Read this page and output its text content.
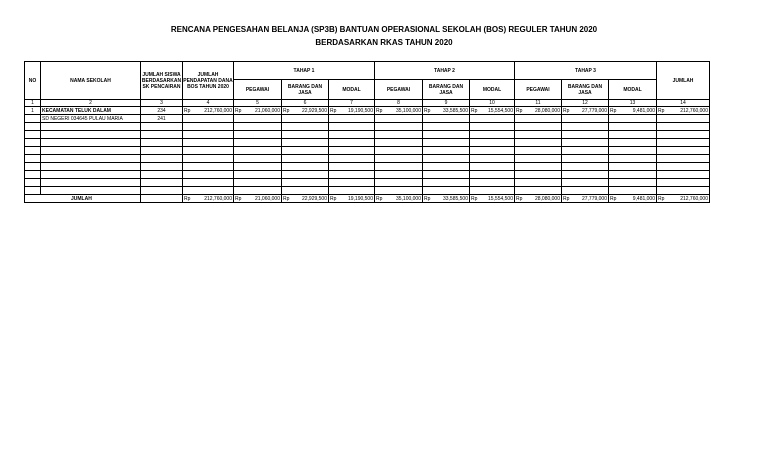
RENCANA PENGESAHAN BELANJA (SP3B) BANTUAN OPERASIONAL SEKOLAH (BOS) REGULER TAHUN 2020
BERDASARKAN RKAS TAHUN 2020
NO	NAMA SEKOLAH	JUMLAH SISWA BERDASARKAN SK PENCAIRAN	JUMLAH PENDAPATAN DANA BOS TAHUN 2020	TAHAP 1			TAHAP 2			TAHAP 3			JUMLAH
				PEGAWAI	BARANG DAN JASA	MODAL	PEGAWAI	BARANG DAN JASA	MODAL	PEGAWAI	BARANG DAN JASA	MODAL	
1	2	3	4	5	6	7	8	9	10	11	12	13	14
1	KECAMATAN TELUK DALAM	234	Rp 212,760,000	Rp 21,060,000	Rp 22,929,500	Rp 19,190,500	Rp 35,100,000	Rp 33,585,500	Rp 15,554,500	Rp 28,080,000	Rp 27,779,000	Rp 9,481,000	Rp 212,760,000

	SD NEGERI 034645 PULAU MARIA	241											

JUMLAH			Rp 212,760,000	Rp 21,060,000	Rp 22,929,500	Rp 19,190,500	Rp 35,100,000	Rp 33,585,500	Rp 15,554,500	Rp 28,080,000	Rp 27,779,000	Rp 9,481,000	Rp 212,760,000
